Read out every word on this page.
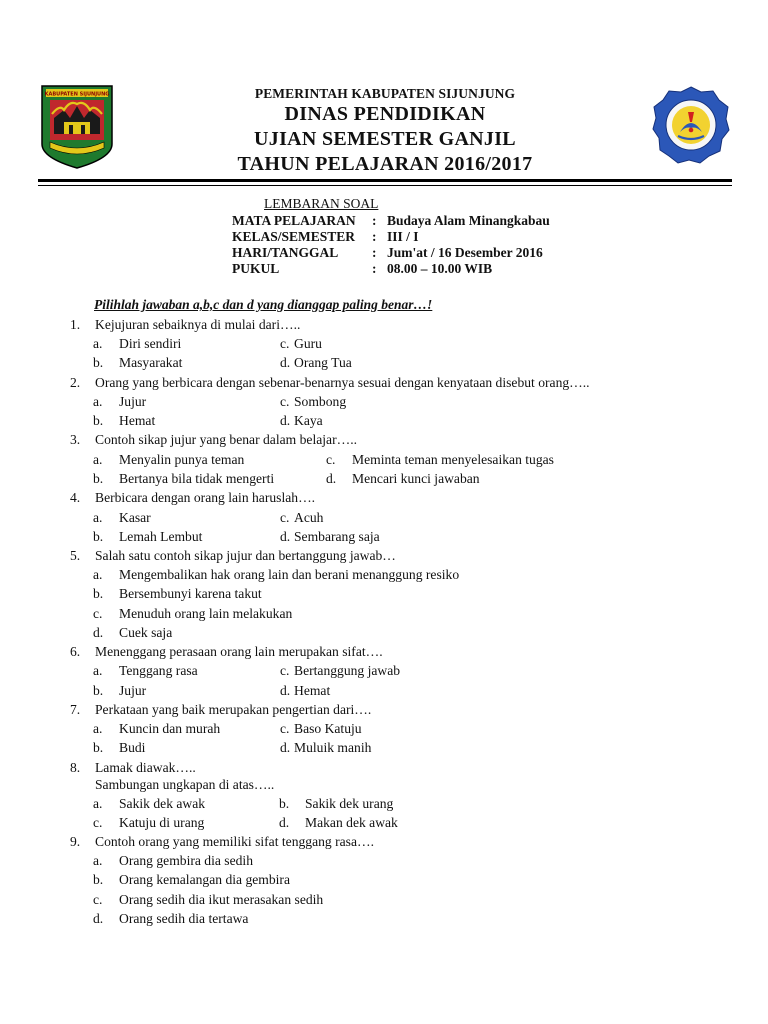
KABUPATEN SIJUNJUNG	PEMERINTAH KABUPATEN SIJUNJUNG

DINAS PENDIDIKAN

UJIAN SEMESTER GANJIL

TAHUN PELAJARAN 2016/2017

LEMBARAN SOAL
MATA PELAJARAN : Budaya Alam Minangkabau
KELAS/SEMESTER : III / I
HARI/TANGGAL : Jum'at / 16 Desember 2016
PUKUL	: 08.00 – 10.00 WIB
Pilihlah jawaban a,b,c dan d yang dianggap paling benar…!
1. Kejujuran sebaiknya di mulai dari…..
a. Diri sendiri	c. Guru
b. Masyarakat	d. Orang Tua
2. Orang yang berbicara dengan sebenar-benarnya sesuai dengan kenyataan disebut orang…..
a. Jujur	c. Sombong
b. Hemat	d. Kaya
3. Contoh sikap jujur yang benar dalam belajar…..
a. Menyalin punya teman	c. Meminta teman menyelesaikan tugas
b. Bertanya bila tidak mengerti	d. Mencari kunci jawaban
4. Berbicara dengan orang lain haruslah….
a. Kasar	c. Acuh
b. Lemah Lembut	d. Sembarang saja
5. Salah satu contoh sikap jujur dan bertanggung jawab…
a. Mengembalikan hak orang lain dan berani menanggung resiko
b. Bersembunyi karena takut
c. Menuduh orang lain melakukan
d. Cuek saja
6. Menenggang perasaan orang lain merupakan sifat….
a. Tenggang rasa	c. Bertanggung jawab
b. Jujur	d. Hemat
7. Perkataan yang baik merupakan pengertian dari….
a. Kuncin dan murah	c. Baso Katuju
b. Budi	d. Muluik manih
8. Lamak diawak…..
Sambungan ungkapan di atas…..
a. Sakik dek awak	b. Sakik dek urang
c. Katuju di urang	d. Makan dek awak
9. Contoh orang yang memiliki sifat tenggang rasa….
a. Orang gembira dia sedih
b. Orang kemalangan dia gembira
c. Orang sedih dia ikut merasakan sedih
d. Orang sedih dia tertawa
